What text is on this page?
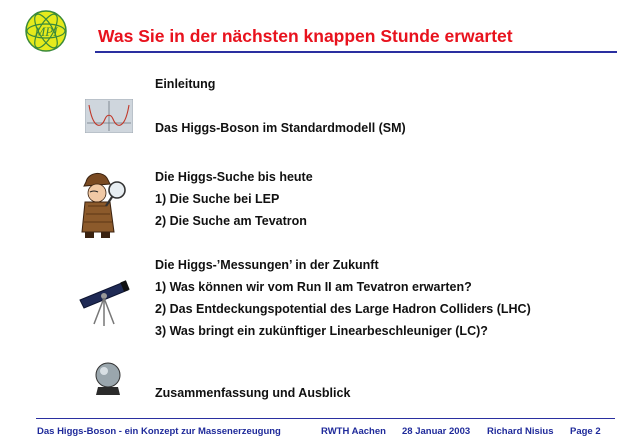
MPI Was Sie in der nächsten knappen Stunde erwartet
Einleitung
Das Higgs-Boson im Standardmodell (SM)
Die Higgs-Suche bis heute
1) Die Suche bei LEP
2) Die Suche am Tevatron
Die Higgs-’Messungen’ in der Zukunft
1) Was können wir vom Run II am Tevatron erwarten?
2) Das Entdeckungspotential des Large Hadron Colliders (LHC)
3) Was bringt ein zukünftiger Linearbeschleuniger (LC)?
Zusammenfassung und Ausblick
Das Higgs-Boson - ein Konzept zur Massenerzeugung	RWTH Aachen 28 Januar 2003 Richard Nisius Page 2
